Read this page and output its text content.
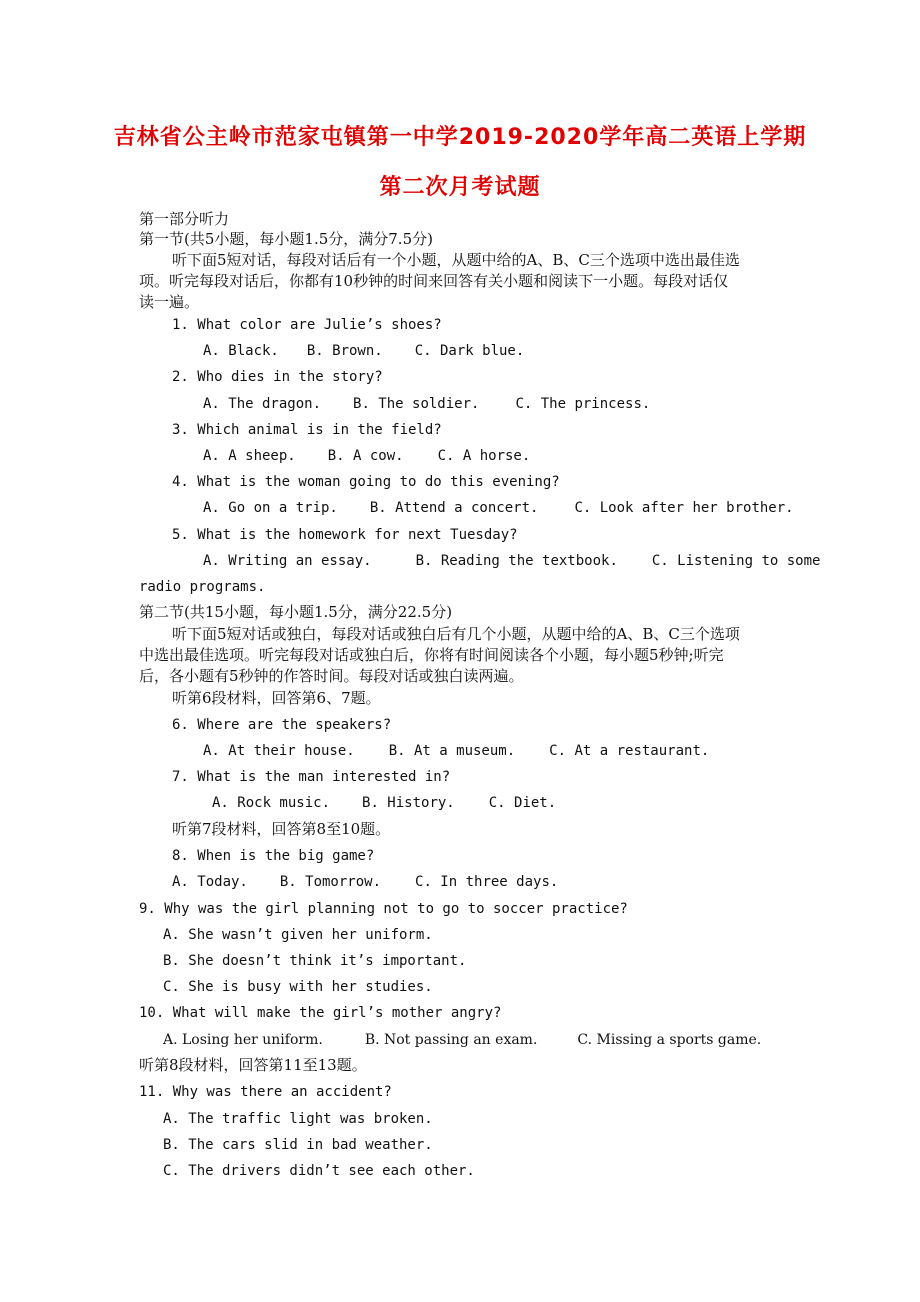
吉林省公主岭市范家屯镇第一中学2019-2020学年高二英语上学期
第二次月考试题
第一部分听力
第一节(共5小题，每小题1.5分，满分7.5分)
听下面5短对话，每段对话后有一个小题，从题中给的A、B、C三个选项中选出最佳选
项。听完每段对话后，你都有10秒钟的时间来回答有关小题和阅读下一小题。每段对话仅
读一遍。
1. What color are Julie’s shoes?
A. Black. B. Brown. C. Dark blue.
2. Who dies in the story?
A. The dragon. B. The soldier.	C. The princess.
3. Which animal is in the field?
A. A sheep. B. A cow. C. A horse.
4. What is the woman going to do this evening?
A. Go on a trip. B. Attend a concert.	C. Look after her brother.
5. What is the homework for next Tuesday?
A. Writing an essay.	B. Reading the textbook. C. Listening to some
radio programs.
第二节(共15小题，每小题1.5分，满分22.5分)
听下面5短对话或独白，每段对话或独白后有几个小题，从题中给的A、B、C三个选项
中选出最佳选项。听完每段对话或独白后，你将有时间阅读各个小题，每小题5秒钟;听完
后，各小题有5秒钟的作答时间。每段对话或独白读两遍。
听第6段材料，回答第6、7题。
6. Where are the speakers?
A. At their house. B. At a museum. C. At a restaurant.
7. What is the man interested in?
A. Rock music. B. History. C. Diet.
听第7段材料，回答第8至10题。
8. When is the big game?
A. Today. B. Tomorrow. C. In three days.
9. Why was the girl planning not to go to soccer practice?
A. She wasn’t given her uniform.
B. She doesn’t think it’s important.
C. She is busy with her studies.
10. What will make the girl’s mother angry?
A. Losing her uniform.	B. Not passing an exam.	C. Missing a sports game.
听第8段材料，回答第11至13题。
11. Why was there an accident?
A. The traffic light was broken.
B. The cars slid in bad weather.
C. The drivers didn’t see each other.
